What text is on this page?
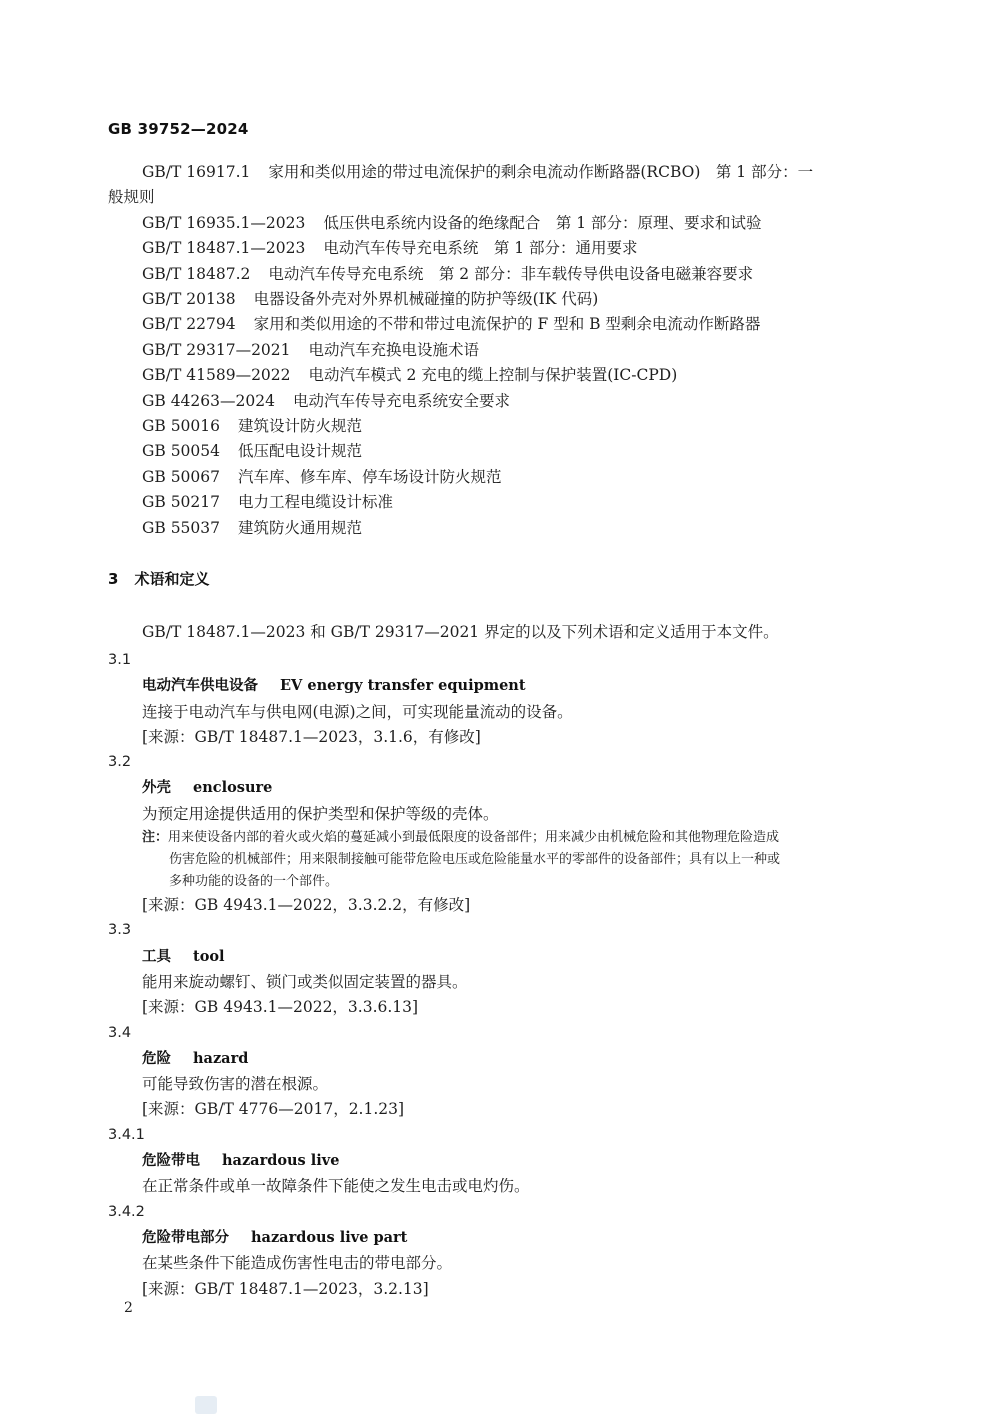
GB 39752—2024
GB/T 16917.1 家用和类似用途的带过电流保护的剩余电流动作断路器(RCBO)　第 1 部分：一
般规则
GB/T 16935.1—2023 低压供电系统内设备的绝缘配合　第 1 部分：原理、要求和试验
GB/T 18487.1—2023 电动汽车传导充电系统　第 1 部分：通用要求
GB/T 18487.2 电动汽车传导充电系统　第 2 部分：非车载传导供电设备电磁兼容要求
GB/T 20138 电器设备外壳对外界机械碰撞的防护等级(IK 代码)
GB/T 22794 家用和类似用途的不带和带过电流保护的 F 型和 B 型剩余电流动作断路器
GB/T 29317—2021 电动汽车充换电设施术语
GB/T 41589—2022 电动汽车模式 2 充电的缆上控制与保护装置(IC-CPD)
GB 44263—2024 电动汽车传导充电系统安全要求
GB 50016 建筑设计防火规范
GB 50054 低压配电设计规范
GB 50067 汽车库、修车库、停车场设计防火规范
GB 50217 电力工程电缆设计标准
GB 55037 建筑防火通用规范
3 术语和定义
GB/T 18487.1—2023 和 GB/T 29317—2021 界定的以及下列术语和定义适用于本文件。
3.1
电动汽车供电设备 EV energy transfer equipment
连接于电动汽车与供电网(电源)之间，可实现能量流动的设备。
[来源：GB/T 18487.1—2023，3.1.6，有修改]
3.2
外壳 enclosure
为预定用途提供适用的保护类型和保护等级的壳体。
注：用来使设备内部的着火或火焰的蔓延减小到最低限度的设备部件；用来减少由机械危险和其他物理危险造成
伤害危险的机械部件；用来限制接触可能带危险电压或危险能量水平的零部件的设备部件；具有以上一种或
多种功能的设备的一个部件。
[来源：GB 4943.1—2022，3.3.2.2，有修改]
3.3
工具 tool
能用来旋动螺钉、锁门或类似固定装置的器具。
[来源：GB 4943.1—2022，3.3.6.13]
3.4
危险 hazard
可能导致伤害的潜在根源。
[来源：GB/T 4776—2017，2.1.23]
3.4.1
危险带电 hazardous live
在正常条件或单一故障条件下能使之发生电击或电灼伤。
3.4.2
危险带电部分 hazardous live part
在某些条件下能造成伤害性电击的带电部分。
[来源：GB/T 18487.1—2023，3.2.13]
2
